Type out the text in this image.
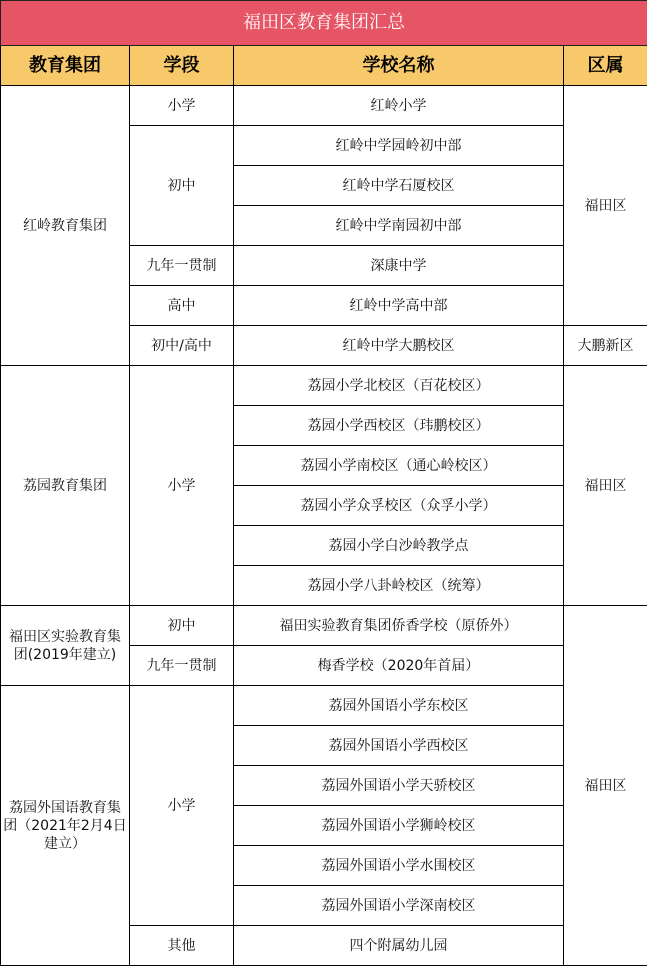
福田区教育集团汇总			
教育集团	学段	学校名称	区属
红岭教育集团	小学	红岭小学	福田区
	初中	红岭中学园岭初中部	
		红岭中学石厦校区	
		红岭中学南园初中部	
	九年一贯制	深康中学	
	高中	红岭中学高中部	
	初中/高中	红岭中学大鹏校区	大鹏新区
荔园教育集团	小学	荔园小学北校区（百花校区）	福田区
		荔园小学西校区（玮鹏校区）	
		荔园小学南校区（通心岭校区）	
		荔园小学众孚校区（众孚小学）	
		荔园小学白沙岭教学点	
		荔园小学八卦岭校区（统筹）	
福田区实验教育集团(2019年建立)	初中	福田实验教育集团侨香学校（原侨外）	福田区
	九年一贯制	梅香学校（2020年首届）	
荔园外国语教育集团（2021年2月4日建立）	小学	荔园外国语小学东校区	
		荔园外国语小学西校区	
		荔园外国语小学天骄校区	
		荔园外国语小学狮岭校区	
		荔园外国语小学水围校区	
		荔园外国语小学深南校区	
	其他	四个附属幼儿园	
